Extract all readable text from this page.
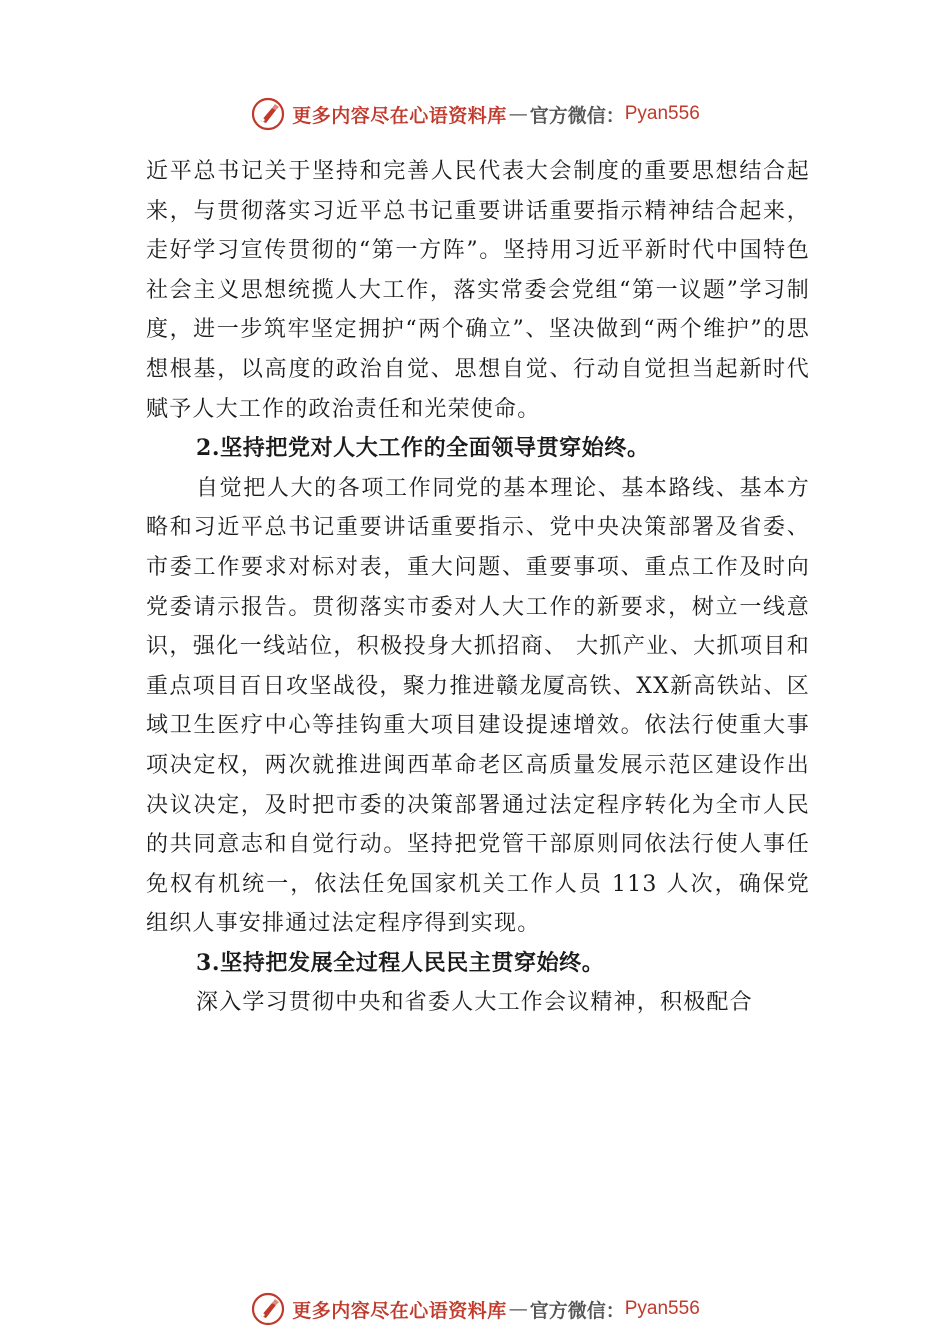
更多内容尽在心语资料库 — 官方微信： Pyan556

近平总书记关于坚持和完善人民代表大会制度的重要思想结合起来，与贯彻落实习近平总书记重要讲话重要指示精神结合起来，走好学习宣传贯彻的“第一方阵”。坚持用习近平新时代中国特色社会主义思想统揽人大工作，落实常委会党组“第一议题”学习制度，进一步筑牢坚定拥护“两个确立”、坚决做到“两个维护”的思想根基，以高度的政治自觉、思想自觉、行动自觉担当起新时代赋予人大工作的政治责任和光荣使命。

2.坚持把党对人大工作的全面领导贯穿始终。

自觉把人大的各项工作同党的基本理论、基本路线、基本方略和习近平总书记重要讲话重要指示、党中央决策部署及省委、市委工作要求对标对表，重大问题、重要事项、重点工作及时向党委请示报告。贯彻落实市委对人大工作的新要求，树立一线意识，强化一线站位，积极投身大抓招商、 大抓产业、大抓项目和重点项目百日攻坚战役，聚力推进赣龙厦高铁、XX新高铁站、区域卫生医疗中心等挂钩重大项目建设提速增效。依法行使重大事项决定权，两次就推进闽西革命老区高质量发展示范区建设作出决议决定，及时把市委的决策部署通过法定程序转化为全市人民的共同意志和自觉行动。坚持把党管干部原则同依法行使人事任免权有机统一，依法任免国家机关工作人员 113 人次，确保党组织人事安排通过法定程序得到实现。

3.坚持把发展全过程人民民主贯穿始终。

深入学习贯彻中央和省委人大工作会议精神，积极配合

更多内容尽在心语资料库 — 官方微信： Pyan556
